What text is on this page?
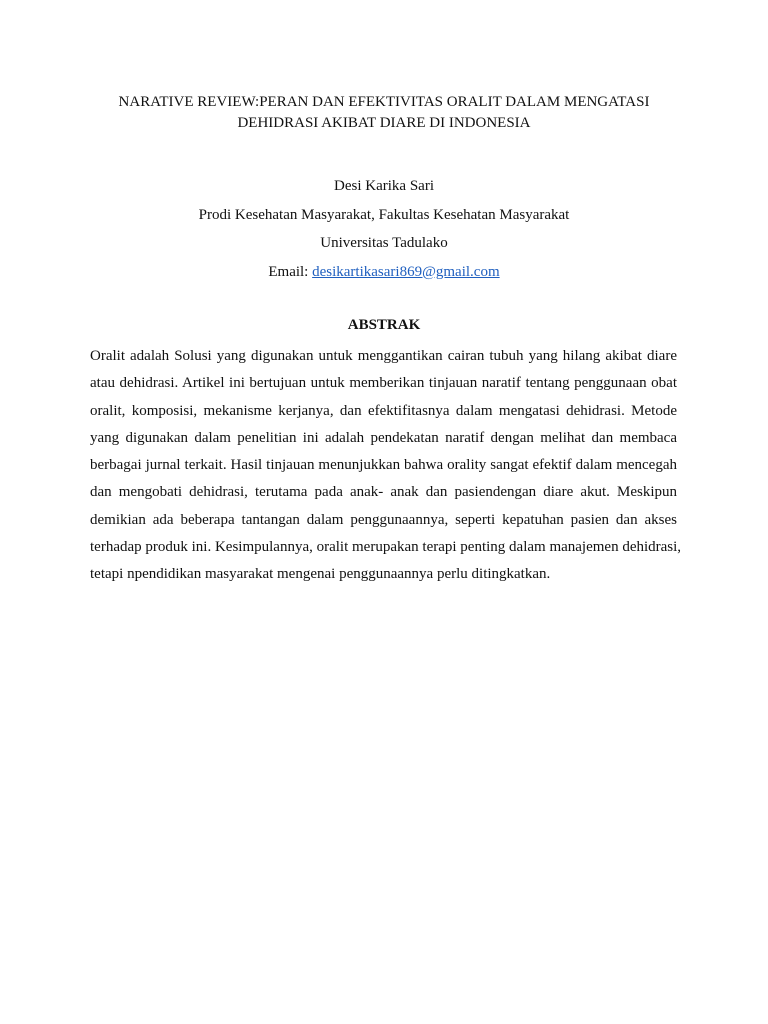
NARATIVE REVIEW:PERAN DAN EFEKTIVITAS ORALIT DALAM MENGATASI
DEHIDRASI AKIBAT DIARE DI INDONESIA
Desi Karika Sari
Prodi Kesehatan Masyarakat, Fakultas Kesehatan Masyarakat
Universitas Tadulako
Email: desikartikasari869@gmail.com
ABSTRAK
Oralit adalah Solusi yang digunakan untuk menggantikan cairan tubuh yang hilang akibat diare
atau dehidrasi. Artikel ini bertujuan untuk memberikan tinjauan naratif tentang penggunaan obat
oralit, komposisi, mekanisme kerjanya, dan efektifitasnya dalam mengatasi dehidrasi. Metode
yang digunakan dalam penelitian ini adalah pendekatan naratif dengan melihat dan membaca
berbagai jurnal terkait. Hasil tinjauan menunjukkan bahwa orality sangat efektif dalam mencegah
dan mengobati dehidrasi, terutama pada anak- anak dan pasiendengan diare akut. Meskipun
demikian ada beberapa tantangan dalam penggunaannya, seperti kepatuhan pasien dan akses
terhadap produk ini. Kesimpulannya, oralit merupakan terapi penting dalam manajemen dehidrasi,
tetapi npendidikan masyarakat mengenai penggunaannya perlu ditingkatkan.
